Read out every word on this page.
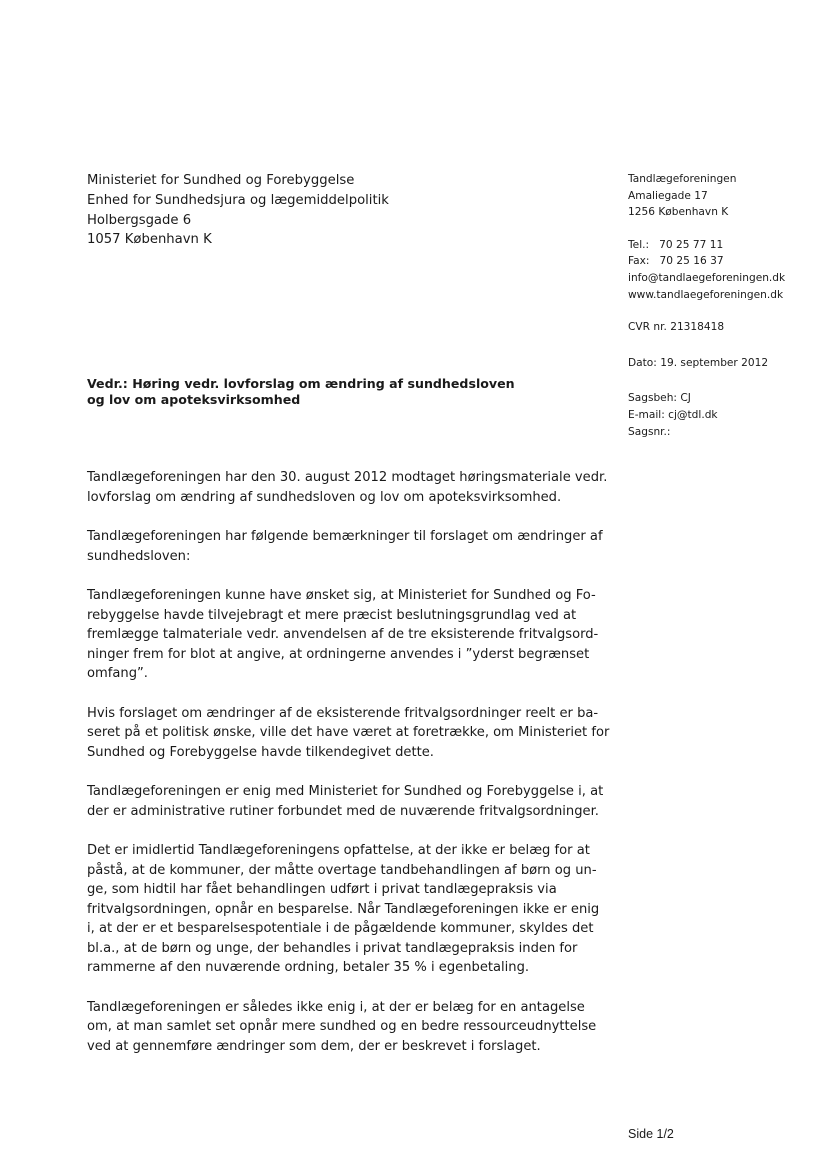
Ministeriet for Sundhed og Forebyggelse
Enhed for Sundhedsjura og lægemiddelpolitik
Holbergsgade 6
1057 København K
Tandlægeforeningen
Amaliegade 17
1256 København K
Tel.:   70 25 77 11
Fax:   70 25 16 37
info@tandlaegeforeningen.dk
www.tandlaegeforeningen.dk
CVR nr. 21318418
Dato: 19. september 2012
Sagsbeh: CJ
E-mail: cj@tdl.dk
Sagsnr.:
Vedr.: Høring vedr. lovforslag om ændring af sundhedsloven
og lov om apoteksvirksomhed

Tandlægeforeningen har den 30. august 2012 modtaget høringsmateriale vedr.
lovforslag om ændring af sundhedsloven og lov om apoteksvirksomhed.

Tandlægeforeningen har følgende bemærkninger til forslaget om ændringer af
sundhedsloven:

Tandlægeforeningen kunne have ønsket sig, at Ministeriet for Sundhed og Fo-
rebyggelse havde tilvejebragt et mere præcist beslutningsgrundlag ved at
fremlægge talmateriale vedr. anvendelsen af de tre eksisterende fritvalgsord-
ninger frem for blot at angive, at ordningerne anvendes i ”yderst begrænset
omfang”.

Hvis forslaget om ændringer af de eksisterende fritvalgsordninger reelt er ba-
seret på et politisk ønske, ville det have været at foretrække, om Ministeriet for
Sundhed og Forebyggelse havde tilkendegivet dette.

Tandlægeforeningen er enig med Ministeriet for Sundhed og Forebyggelse i, at
der er administrative rutiner forbundet med de nuværende fritvalgsordninger.

Det er imidlertid Tandlægeforeningens opfattelse, at der ikke er belæg for at
påstå, at de kommuner, der måtte overtage tandbehandlingen af børn og un-
ge, som hidtil har fået behandlingen udført i privat tandlægepraksis via
fritvalgsordningen, opnår en besparelse. Når Tandlægeforeningen ikke er enig
i, at der er et besparelsespotentiale i de pågældende kommuner, skyldes det
bl.a., at de børn og unge, der behandles i privat tandlægepraksis inden for
rammerne af den nuværende ordning, betaler 35 % i egenbetaling.

Tandlægeforeningen er således ikke enig i, at der er belæg for en antagelse
om, at man samlet set opnår mere sundhed og en bedre ressourceudnyttelse
ved at gennemføre ændringer som dem, der er beskrevet i forslaget.

Side 1/2
